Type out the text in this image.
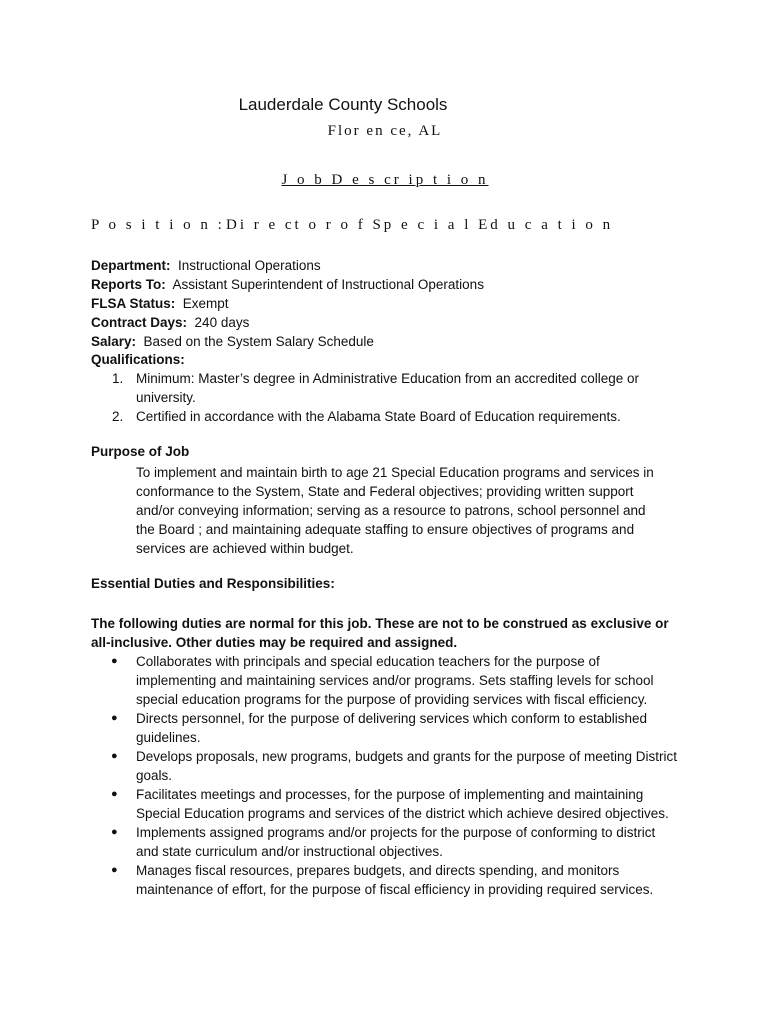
Lauderdale County Schools
Flor en ce, AL
J o b D e s cr ip t i o n
P o s i t i o n : Di r e ct o r o f Sp e c i a l Ed u c a t i o n
Department: Instructional Operations
Reports To: Assistant Superintendent of Instructional Operations
FLSA Status: Exempt
Contract Days: 240 days
Salary: Based on the System Salary Schedule
Qualifications:
1. Minimum: Master’s degree in Administrative Education from an accredited college or university.
2. Certified in accordance with the Alabama State Board of Education requirements.
Purpose of Job
To implement and maintain birth to age 21 Special Education programs and services in conformance to the System, State and Federal objectives; providing written support and/or conveying information; serving as a resource to patrons, school personnel and the Board ; and maintaining adequate staffing to ensure objectives of programs and services are achieved within budget.
Essential Duties and Responsibilities:
The following duties are normal for this job. These are not to be construed as exclusive or all-inclusive. Other duties may be required and assigned.
● Collaborates with principals and special education teachers for the purpose of implementing and maintaining services and/or programs. Sets staffing levels for school special education programs for the purpose of providing services with fiscal efficiency.
● Directs personnel, for the purpose of delivering services which conform to established guidelines.
● Develops proposals, new programs, budgets and grants for the purpose of meeting District goals.
● Facilitates meetings and processes, for the purpose of implementing and maintaining Special Education programs and services of the district which achieve desired objectives.
● Implements assigned programs and/or projects for the purpose of conforming to district and state curriculum and/or instructional objectives.
● Manages fiscal resources, prepares budgets, and directs spending, and monitors maintenance of effort, for the purpose of fiscal efficiency in providing required services.
